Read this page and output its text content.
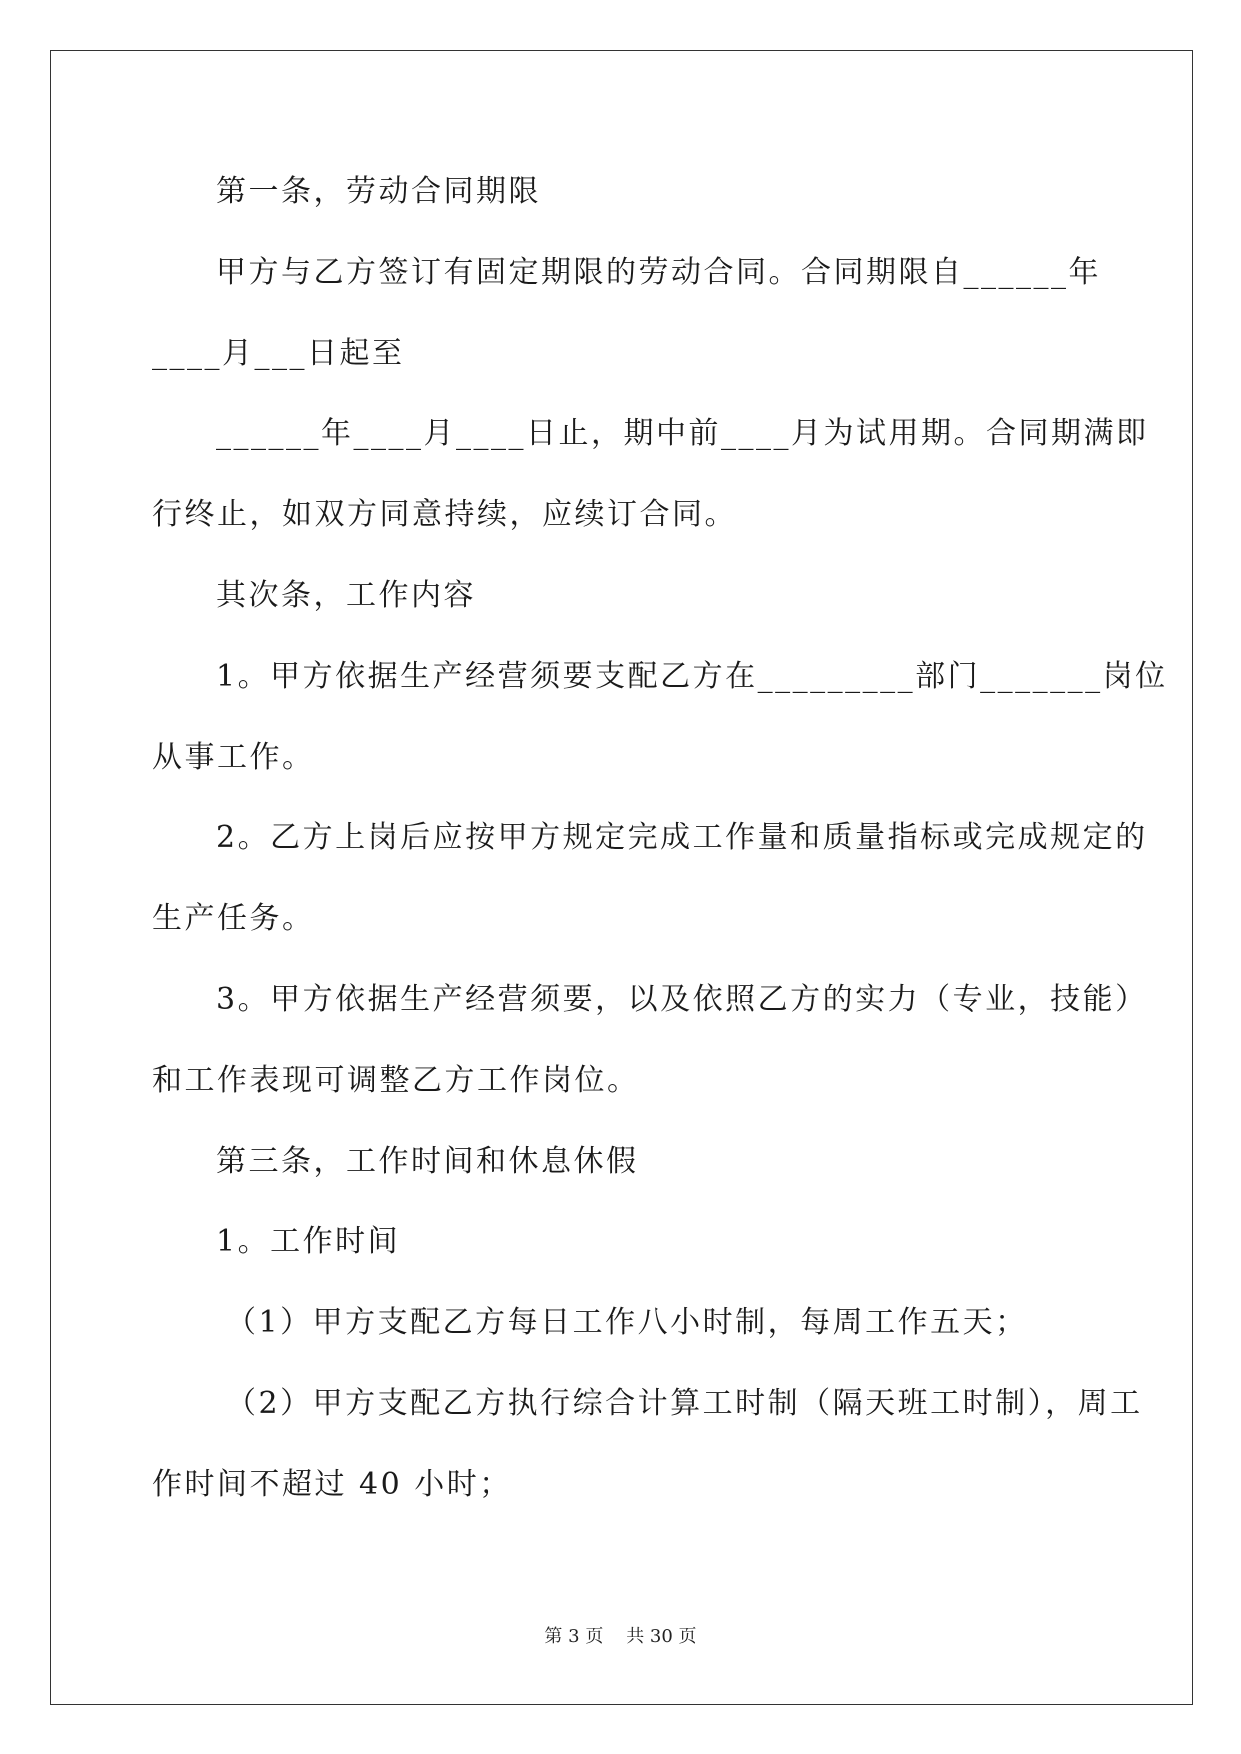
第一条，劳动合同期限
甲方与乙方签订有固定期限的劳动合同。合同期限自______年
____月___日起至
______年____月____日止，期中前____月为试用期。合同期满即
行终止，如双方同意持续，应续订合同。
其次条，工作内容
1。甲方依据生产经营须要支配乙方在_________部门_______岗位
从事工作。
2。乙方上岗后应按甲方规定完成工作量和质量指标或完成规定的
生产任务。
3。甲方依据生产经营须要，以及依照乙方的实力（专业，技能）
和工作表现可调整乙方工作岗位。
第三条，工作时间和休息休假
1。工作时间
（1）甲方支配乙方每日工作八小时制，每周工作五天；
（2）甲方支配乙方执行综合计算工时制（隔天班工时制），周工
作时间不超过 40 小时；
第 3 页    共 30 页
